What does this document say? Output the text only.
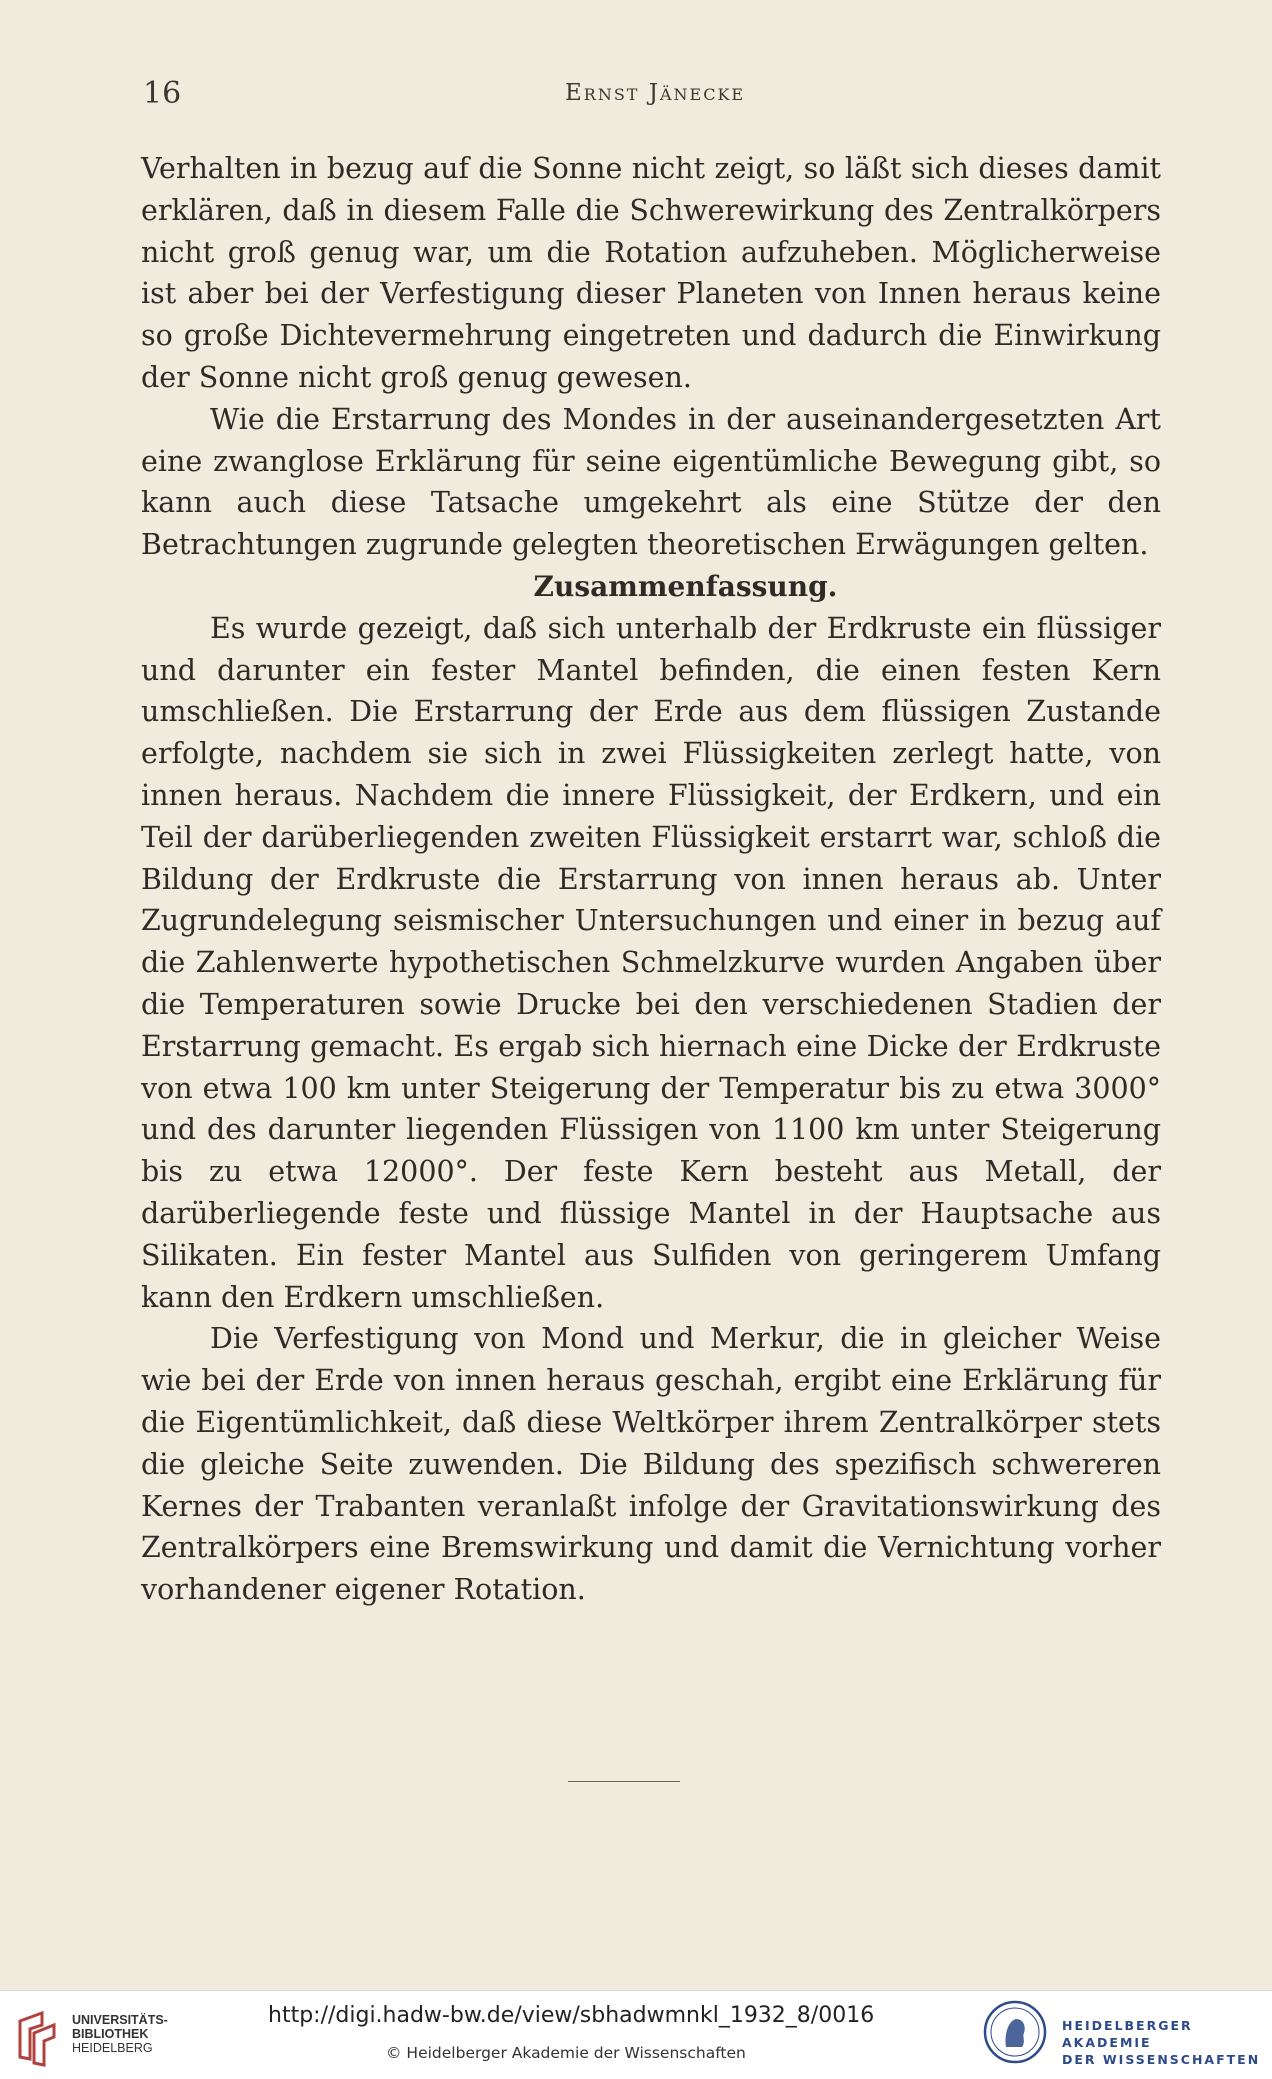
16	Ernst Jänecke

Verhalten in bezug auf die Sonne nicht zeigt, so läßt sich dieses damit erklären, daß in diesem Falle die Schwerewirkung des Zentralkörpers nicht groß genug war, um die Rotation aufzuheben. Möglicherweise ist aber bei der Verfestigung dieser Planeten von Innen heraus keine so große Dichtevermehrung eingetreten und dadurch die Einwirkung der Sonne nicht groß genug gewesen.

Wie die Erstarrung des Mondes in der auseinandergesetzten Art eine zwanglose Erklärung für seine eigentümliche Bewegung gibt, so kann auch diese Tatsache umgekehrt als eine Stütze der den Betrachtungen zugrunde gelegten theoretischen Erwägungen gelten.

Zusammenfassung.

Es wurde gezeigt, daß sich unterhalb der Erdkruste ein flüssiger und darunter ein fester Mantel befinden, die einen festen Kern umschließen. Die Erstarrung der Erde aus dem flüssigen Zustande erfolgte, nachdem sie sich in zwei Flüssigkeiten zerlegt hatte, von innen heraus. Nachdem die innere Flüssigkeit, der Erdkern, und ein Teil der darüberliegenden zweiten Flüssigkeit erstarrt war, schloß die Bildung der Erdkruste die Erstarrung von innen heraus ab. Unter Zugrundelegung seismischer Untersuchungen und einer in bezug auf die Zahlenwerte hypothetischen Schmelzkurve wurden Angaben über die Temperaturen sowie Drucke bei den verschiedenen Stadien der Erstarrung gemacht. Es ergab sich hiernach eine Dicke der Erdkruste von etwa 100 km unter Steigerung der Temperatur bis zu etwa 3000° und des darunter liegenden Flüssigen von 1100 km unter Steigerung bis zu etwa 12000°. Der feste Kern besteht aus Metall, der darüberliegende feste und flüssige Mantel in der Hauptsache aus Silikaten. Ein fester Mantel aus Sulfiden von geringerem Umfang kann den Erdkern umschließen.

Die Verfestigung von Mond und Merkur, die in gleicher Weise wie bei der Erde von innen heraus geschah, ergibt eine Erklärung für die Eigentümlichkeit, daß diese Weltkörper ihrem Zentralkörper stets die gleiche Seite zuwenden. Die Bildung des spezifisch schwereren Kernes der Trabanten veranlaßt infolge der Gravitationswirkung des Zentralkörpers eine Bremswirkung und damit die Vernichtung vorher vorhandener eigener Rotation.

UNIVERSITÄTS-
BIBLIOTHEK
HEIDELBERG
http://digi.hadw-bw.de/view/sbhadwmnkl_1932_8/0016
© Heidelberger Akademie der Wissenschaften
HEIDELBERGER AKADEMIE
DER WISSENSCHAFTEN
